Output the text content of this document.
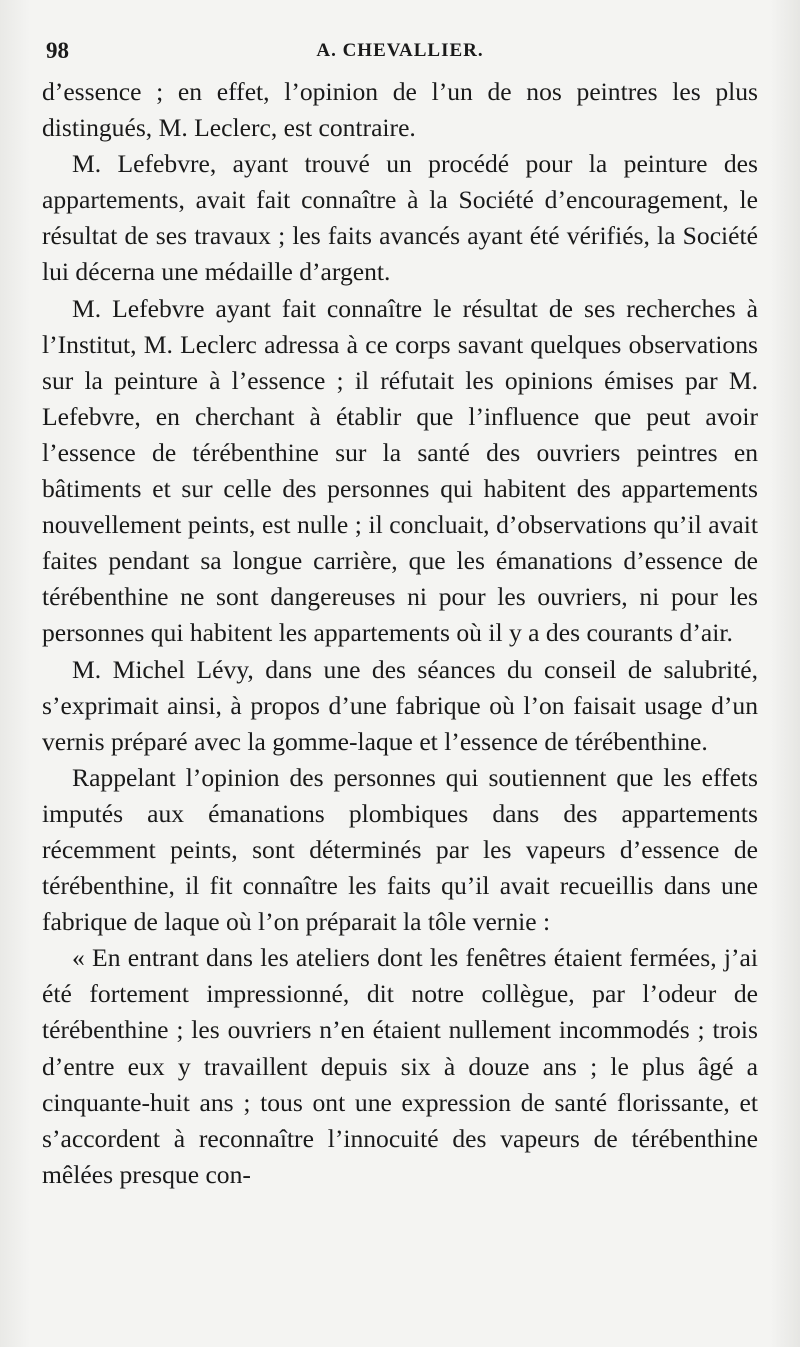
98	A. CHEVALLIER.

d’essence ; en effet, l’opinion de l’un de nos peintres les plus distingués, M. Leclerc, est contraire.

M. Lefebvre, ayant trouvé un procédé pour la peinture des appartements, avait fait connaître à la Société d’encouragement, le résultat de ses travaux ; les faits avancés ayant été vérifiés, la Société lui décerna une médaille d’argent.

M. Lefebvre ayant fait connaître le résultat de ses recherches à l’Institut, M. Leclerc adressa à ce corps savant quelques observations sur la peinture à l’essence ; il réfutait les opinions émises par M. Lefebvre, en cherchant à établir que l’influence que peut avoir l’essence de térébenthine sur la santé des ouvriers peintres en bâtiments et sur celle des personnes qui habitent des appartements nouvellement peints, est nulle ; il concluait, d’observations qu’il avait faites pendant sa longue carrière, que les émanations d’essence de térébenthine ne sont dangereuses ni pour les ouvriers, ni pour les personnes qui habitent les appartements où il y a des courants d’air.

M. Michel Lévy, dans une des séances du conseil de salubrité, s’exprimait ainsi, à propos d’une fabrique où l’on faisait usage d’un vernis préparé avec la gomme-laque et l’essence de térébenthine.

Rappelant l’opinion des personnes qui soutiennent que les effets imputés aux émanations plombiques dans des appartements récemment peints, sont déterminés par les vapeurs d’essence de térébenthine, il fit connaître les faits qu’il avait recueillis dans une fabrique de laque où l’on préparait la tôle vernie :

« En entrant dans les ateliers dont les fenêtres étaient fermées, j’ai été fortement impressionné, dit notre collègue, par l’odeur de térébenthine ; les ouvriers n’en étaient nullement incommodés ; trois d’entre eux y travaillent depuis six à douze ans ; le plus âgé a cinquante-huit ans ; tous ont une expression de santé florissante, et s’accordent à reconnaître l’innocuité des vapeurs de térébenthine mêlées presque con-
